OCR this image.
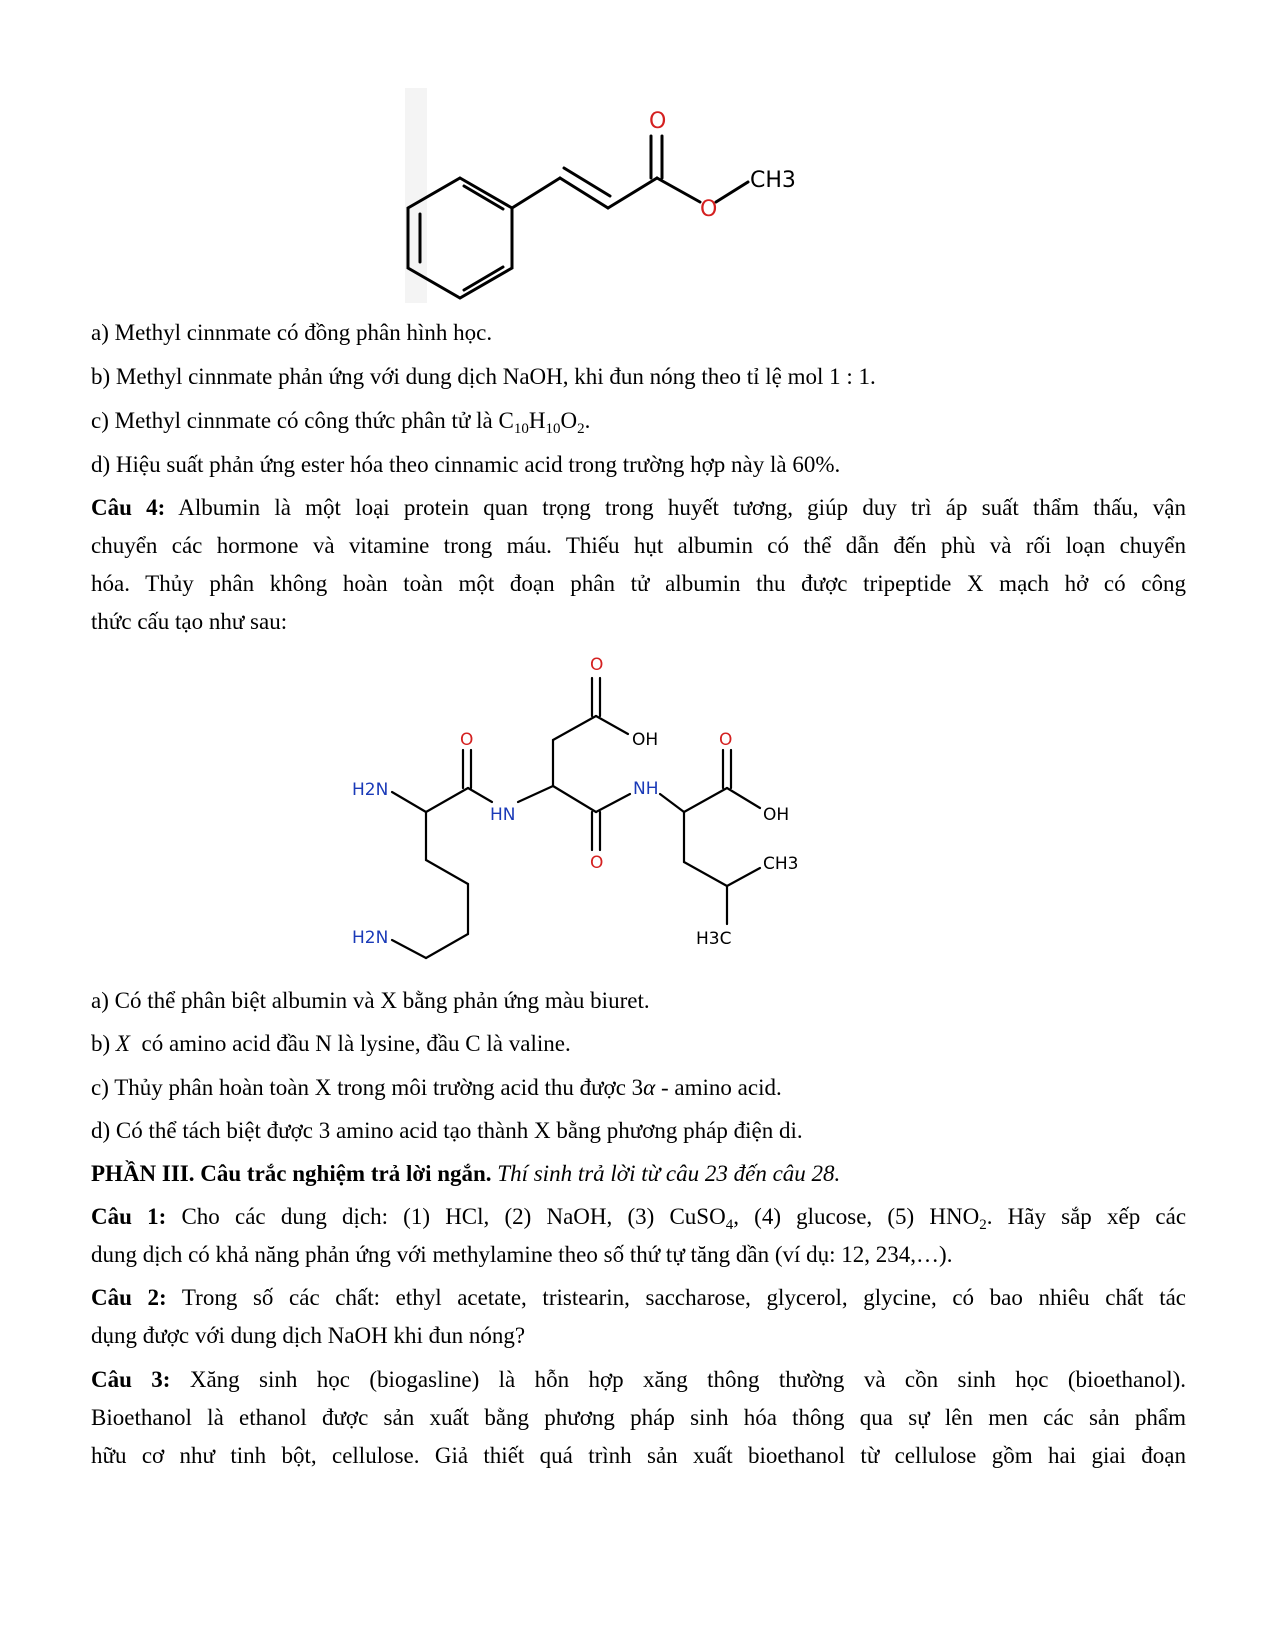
O
O
CH3
a) Methyl cinnmate có đồng phân hình học.
b) Methyl cinnmate phản ứng với dung dịch NaOH, khi đun nóng theo tỉ lệ mol 1 : 1.
c) Methyl cinnmate có công thức phân tử là $C_{10}H_{10}O_2$.
d) Hiệu suất phản ứng ester hóa theo cinnamic acid trong trường hợp này là 60%.
Câu 4: Albumin là một loại protein quan trọng trong huyết tương, giúp duy trì áp suất thẩm thấu, vận
chuyển các hormone và vitamine trong máu. Thiếu hụt albumin có thể dẫn đến phù và rối loạn chuyển
hóa. Thủy phân không hoàn toàn một đoạn phân tử albumin thu được tripeptide X mạch hở có công
thức cấu tạo như sau:
O
OH
O	O
H2N
HN
NH
OH
O	CH3
H2N	H3C
a) Có thể phân biệt albumin và X bằng phản ứng màu biuret.
b) X  có amino acid đầu N là lysine, đầu C là valine.
c) Thủy phân hoàn toàn X trong môi trường acid thu được 3α - amino acid.
d) Có thể tách biệt được 3 amino acid tạo thành X bằng phương pháp điện di.
PHẦN III. Câu trắc nghiệm trả lời ngắn. Thí sinh trả lời từ câu 23 đến câu 28.
Câu 1: Cho các dung dịch: (1) HCl, (2) NaOH, (3) CuSO$_4$, (4) glucose, (5) $HNO_2$. Hãy sắp xếp các
dung dịch có khả năng phản ứng với methylamine theo số thứ tự tăng dần (ví dụ: 12, 234,…).
Câu 2: Trong số các chất: ethyl acetate, tristearin, saccharose, glycerol, glycine, có bao nhiêu chất tác
dụng được với dung dịch NaOH khi đun nóng?
Câu 3: Xăng sinh học (biogasline) là hỗn hợp xăng thông thường và cồn sinh học (bioethanol).
Bioethanol là ethanol được sản xuất bằng phương pháp sinh hóa thông qua sự lên men các sản phẩm
hữu cơ như tinh bột, cellulose. Giả thiết quá trình sản xuất bioethanol từ cellulose gồm hai giai đoạn
